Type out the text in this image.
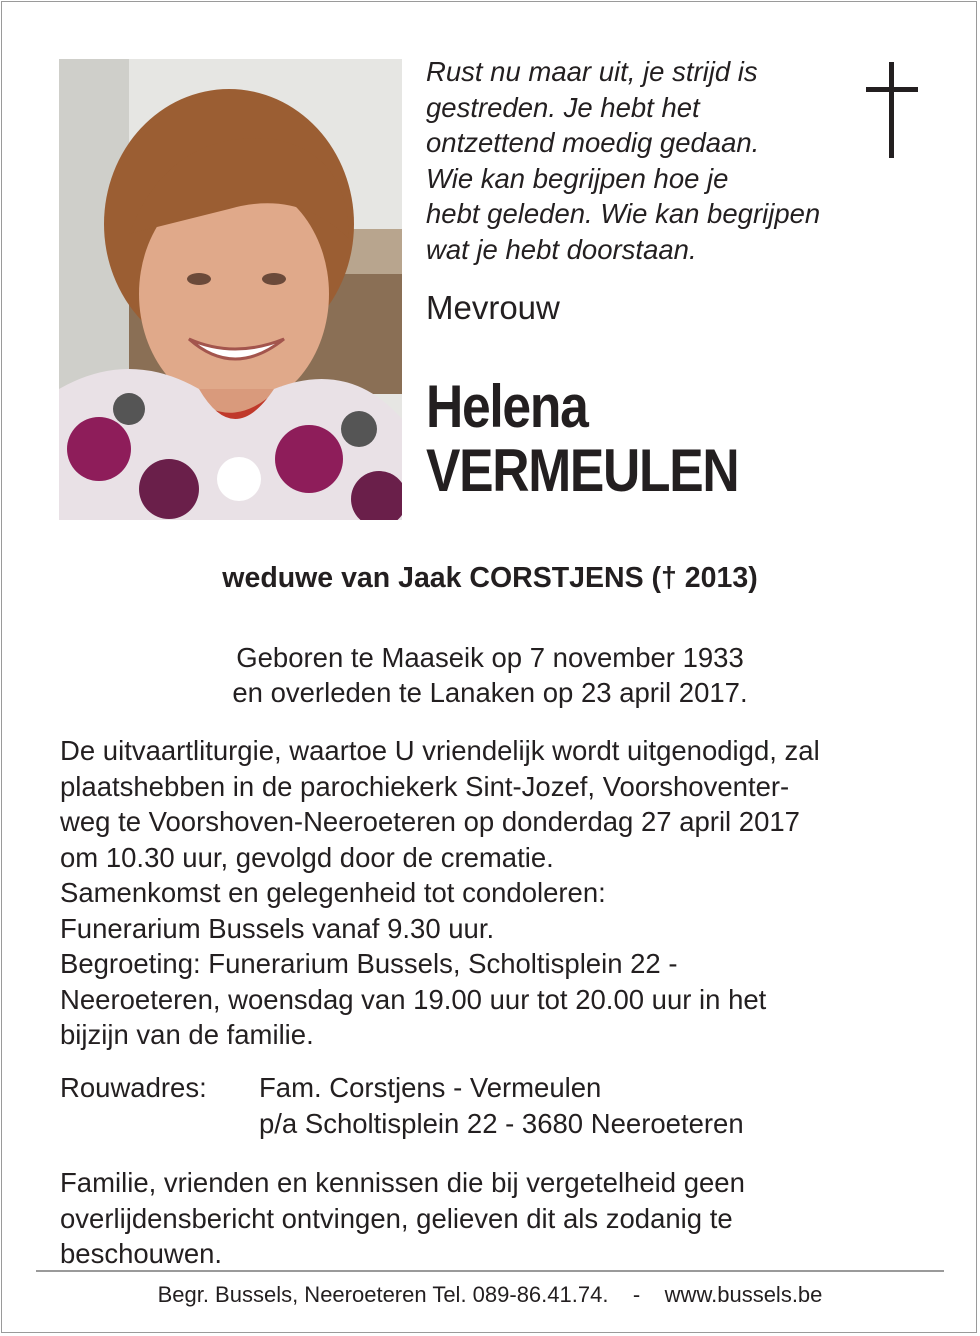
Rust nu maar uit, je strijd is
gestreden. Je hebt het
ontzettend moedig gedaan.
Wie kan begrijpen hoe je
hebt geleden. Wie kan begrijpen
wat je hebt doorstaan.
Mevrouw
Helena
VERMEULEN
weduwe van Jaak CORSTJENS († 2013)
Geboren te Maaseik op 7 november 1933
en overleden te Lanaken op 23 april 2017.
De uitvaartliturgie, waartoe U vriendelijk wordt uitgenodigd, zal
plaatshebben in de parochiekerk Sint-Jozef, Voorshoventer-
weg te Voorshoven-Neeroeteren op donderdag 27 april 2017
om 10.30 uur, gevolgd door de crematie.
Samenkomst en gelegenheid tot condoleren:
Funerarium Bussels vanaf 9.30 uur.
Begroeting: Funerarium Bussels, Scholtisplein 22 -
Neeroeteren, woensdag van 19.00 uur tot 20.00 uur in het
bijzijn van de familie.
Rouwadres: Fam. Corstjens - Vermeulen
p/a Scholtisplein 22 - 3680 Neeroeteren
Familie, vrienden en kennissen die bij vergetelheid geen
overlijdensbericht ontvingen, gelieven dit als zodanig te
beschouwen.
Begr. Bussels, Neeroeteren Tel. 089-86.41.74.    -    www.bussels.be
